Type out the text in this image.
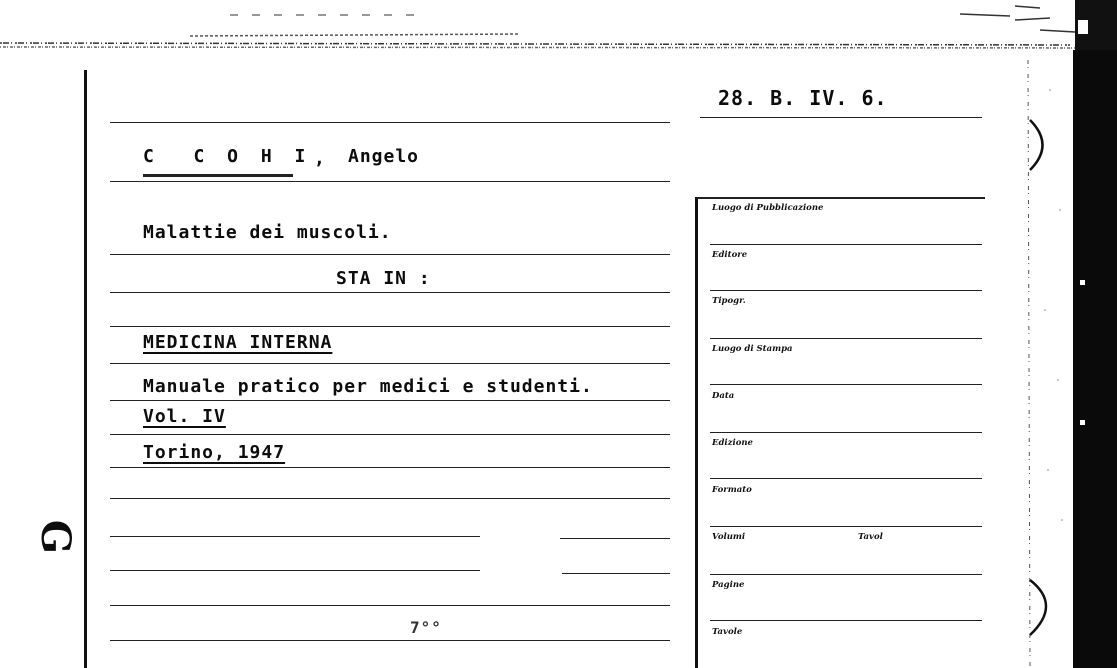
G
28. B. IV. 6.
C  C O H I , Angelo
Malattie dei muscoli.
STA IN :
MEDICINA INTERNA
Manuale pratico per medici e studenti.
Vol. IV
Torino, 1947
7°°
Luogo di Pubblicazione
Editore
Tipogr.
Luogo di Stampa
Data
Edizione
Formato
Volumi	Tavol
Pagine
Tavole
